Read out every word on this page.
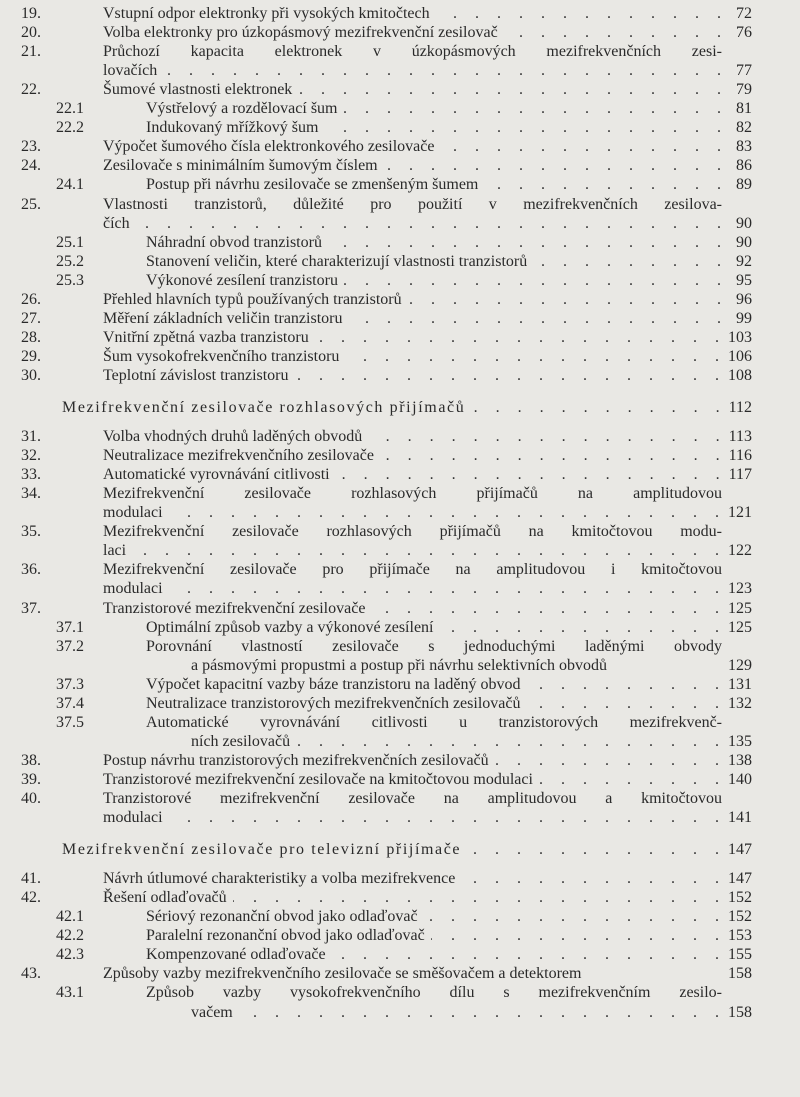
19.	Vstupní odpor elektronky při vysokých kmitočtech . . .	72
20.	Volba elektronky pro úzkopásmový mezifrekvenční zesilovač . . .	76
21.	Průchozí kapacita elektronek v úzkopásmových mezifrekvenčních zesi-
lovačích . . .	77
22.	Šumové vlastnosti elektronek . . .	79
22.1	Výstřelový a rozdělovací šum . . .	81
22.2	Indukovaný mřížkový šum . . .	82
23.	Výpočet šumového čísla elektronkového zesilovače . . .	83
24.	Zesilovače s minimálním šumovým číslem . . .	86
24.1	Postup při návrhu zesilovače se zmenšeným šumem . . .	89
25.	Vlastnosti tranzistorů, důležité pro použití v mezifrekvenčních zesilova-
čích . . .	90
25.1	Náhradní obvod tranzistorů . . .	90
25.2	Stanovení veličin, které charakterizují vlastnosti tranzistorů . . .	92
25.3	Výkonové zesílení tranzistoru . . .	95
26.	Přehled hlavních typů používaných tranzistorů . . .	96
27.	Měření základních veličin tranzistoru . . .	99
28.	Vnitřní zpětná vazba tranzistoru . . .	103
29.	Šum vysokofrekvenčního tranzistoru . . .	106
30.	Teplotní závislost tranzistoru . . .	108
Mezifrekvenční zesilovače rozhlasových přijímačů . . .	112
31.	Volba vhodných druhů laděných obvodů . . .	113
32.	Neutralizace mezifrekvenčního zesilovače . . .	116
33.	Automatické vyrovnávání citlivosti . . .	117
34.	Mezifrekvenční zesilovače rozhlasových přijímačů na amplitudovou
modulaci . . .	121
35.	Mezifrekvenční zesilovače rozhlasových přijímačů na kmitočtovou modu-
laci . . .	122
36.	Mezifrekvenční zesilovače pro přijímače na amplitudovou i kmitočtovou
modulaci . . .	123
37.	Tranzistorové mezifrekvenční zesilovače . . .	125
37.1	Optimální způsob vazby a výkonové zesílení . . .	125
37.2	Porovnání vlastností zesilovače s jednoduchými laděnými obvody
a pásmovými propustmi a postup při návrhu selektivních obvodů	129
37.3	Výpočet kapacitní vazby báze tranzistoru na laděný obvod . . .	131
37.4	Neutralizace tranzistorových mezifrekvenčních zesilovačů . . .	132
37.5	Automatické vyrovnávání citlivosti u tranzistorových mezifrekvenč-
ních zesilovačů . . .	135
38.	Postup návrhu tranzistorových mezifrekvenčních zesilovačů . . .	138
39.	Tranzistorové mezifrekvenční zesilovače na kmitočtovou modulaci . . .	140
40.	Tranzistorové mezifrekvenční zesilovače na amplitudovou a kmitočtovou
modulaci . . .	141
Mezifrekvenční zesilovače pro televizní přijímače . . .	147
41.	Návrh útlumové charakteristiky a volba mezifrekvence . . .	147
42.	Řešení odlaďovačů . . .	152
42.1	Sériový rezonanční obvod jako odlaďovač . . .	152
42.2	Paralelní rezonanční obvod jako odlaďovač . . .	153
42.3	Kompenzované odlaďovače . . .	155
43.	Způsoby vazby mezifrekvenčního zesilovače se směšovačem a detektorem	158
43.1	Způsob vazby vysokofrekvenčního dílu s mezifrekvenčním zesilo-
vačem . . .	158
